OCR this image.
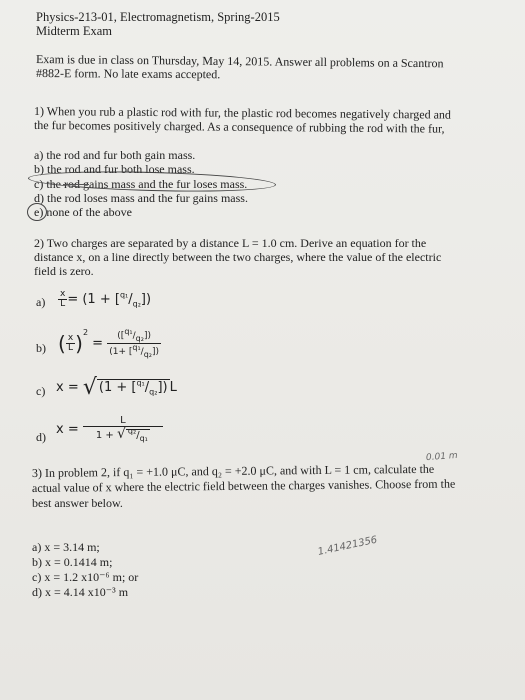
Physics-213-01, Electromagnetism, Spring-2015
Midterm Exam
Exam is due in class on Thursday, May 14, 2015. Answer all problems on a Scantron
#882-E form. No late exams accepted.
1) When you rub a plastic rod with fur, the plastic rod becomes negatively charged and
the fur becomes positively charged. As a consequence of rubbing the rod with the fur,
a) the rod and fur both gain mass.
b) the rod and fur both lose mass.
c) the rod gains mass and the fur loses mass.
d) the rod loses mass and the fur gains mass.
e) none of the above
2) Two charges are separated by a distance L = 1.0 cm. Derive an equation for the
distance x, on a line directly between the two charges, where the value of the electric
field is zero.
$a) \frac{x}{L} = (1 + [^{q_1}/_{q_2}])$
b) ( $\frac{x}{L} )^2 = \frac{([^{q_1}/_{q_2}])}{(1+ [^{q_1}/_{q_2}])}$
c) x = √ $(1 + [^{q_1}/_{q_2}])$ L
d) $x = \frac{L}{1 + √ ^{q_2}/_{q_1}}$
0.01 m
3) In problem 2, if q₁ = +1.0 μC, and q₂ = +2.0 μC, and with L = 1 cm, calculate the
actual value of x where the electric field between the charges vanishes. Choose from the
best answer below.
1.41421356
a) x = 3.14 m;
b) x = 0.1414 m;
c) x = 1.2 x10⁻⁶ m; or
d) x = 4.14 x10⁻³ m
